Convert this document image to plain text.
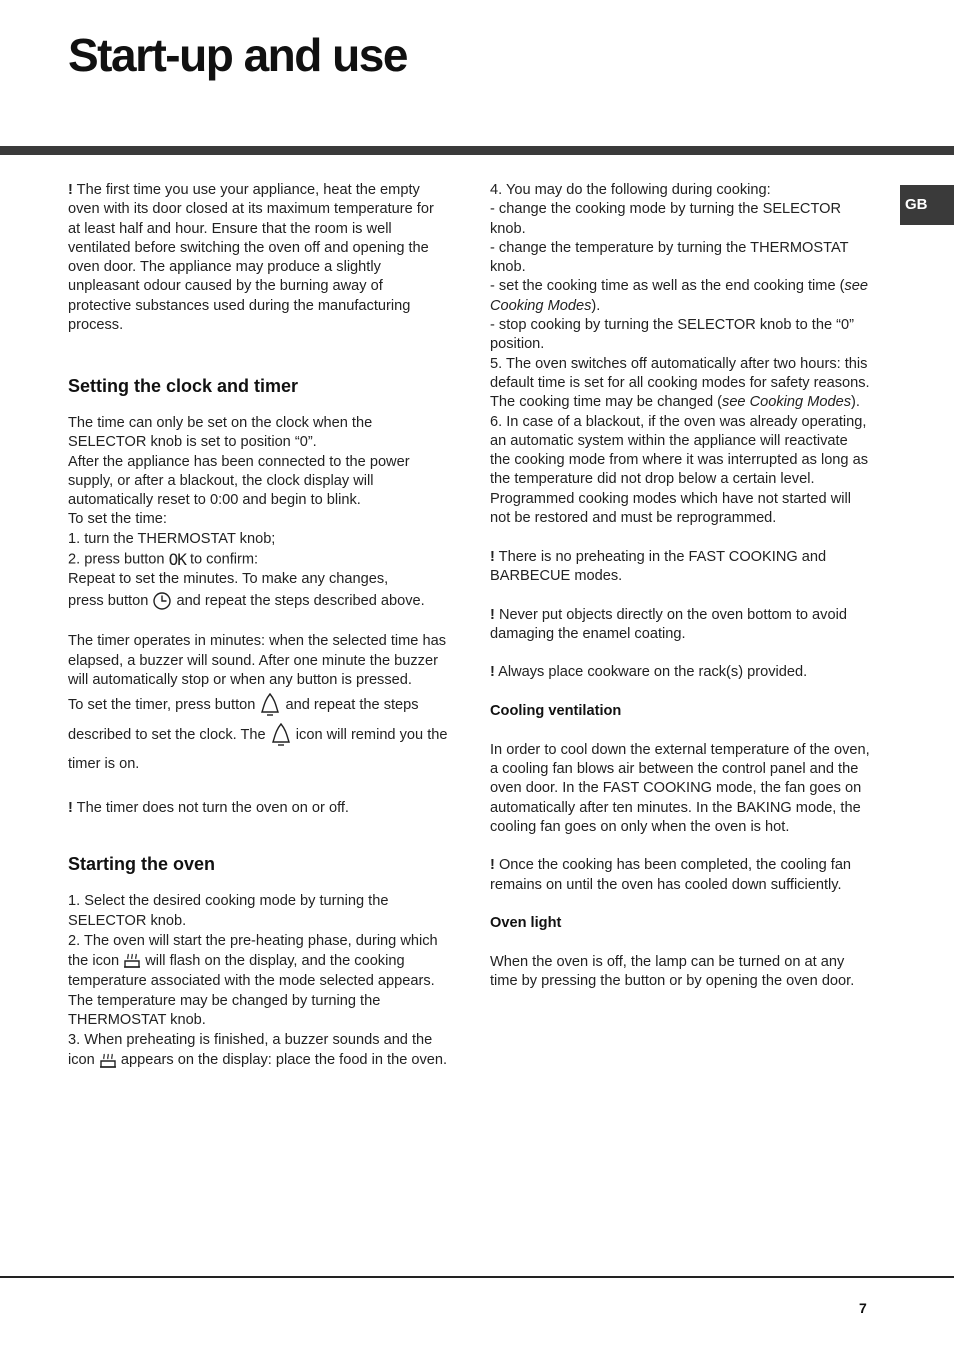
Start-up and use
GB

! The first time you use your appliance, heat the empty oven with its door closed at its maximum temperature for at least half and hour. Ensure that the room is well ventilated before switching the oven off and opening the oven door. The appliance may produce a slightly unpleasant odour caused by the burning away of protective substances used during the manufacturing process.

Setting the clock and timer

The time can only be set on the clock when the SELECTOR knob is set to position “0”.

After the appliance has been connected to the power supply, or after a blackout, the clock display will automatically reset to 0:00 and begin to blink.

To set the time:

1. turn the THERMOSTAT knob;

2. press button OK to confirm:

Repeat to set the minutes. To make any changes,

press button and repeat the steps described above.

The timer operates in minutes: when the selected time has elapsed, a buzzer will sound. After one minute the buzzer will automatically stop or when any button is pressed.

To set the timer, press button and repeat the steps described to set the clock. The icon will remind you the timer is on.

! The timer does not turn the oven on or off.

Starting the oven

1. Select the desired cooking mode by turning the SELECTOR knob.

2. The oven will start the pre-heating phase, during which the icon will flash on the display, and the cooking temperature associated with the mode selected appears.

The temperature may be changed by turning the THERMOSTAT knob.

3. When preheating is finished, a buzzer sounds and the icon appears on the display: place the food in the oven.

4. You may do the following during cooking:

- change the cooking mode by turning the SELECTOR knob.

- change the temperature by turning the THERMOSTAT knob.

- set the cooking time as well as the end cooking time (see Cooking Modes).

- stop cooking by turning the SELECTOR knob to the “0” position.

5. The oven switches off automatically after two hours: this default time is set for all cooking modes for safety reasons.

The cooking time may be changed (see Cooking Modes).

6. In case of a blackout, if the oven was already operating, an automatic system within the appliance will reactivate the cooking mode from where it was interrupted as long as the temperature did not drop below a certain level. Programmed cooking modes which have not started will not be restored and must be reprogrammed.

! There is no preheating in the FAST COOKING and BARBECUE modes.

! Never put objects directly on the oven bottom to avoid damaging the enamel coating.

! Always place cookware on the rack(s) provided.

Cooling ventilation

In order to cool down the external temperature of the oven, a cooling fan blows air between the control panel and the oven door. In the FAST COOKING mode, the fan goes on automatically after ten minutes. In the BAKING mode, the cooling fan goes on only when the oven is hot.

! Once the cooking has been completed, the cooling fan remains on until the oven has cooled down sufficiently.

Oven light

When the oven is off, the lamp can be turned on at any time by pressing the button or by opening the oven door.

7
